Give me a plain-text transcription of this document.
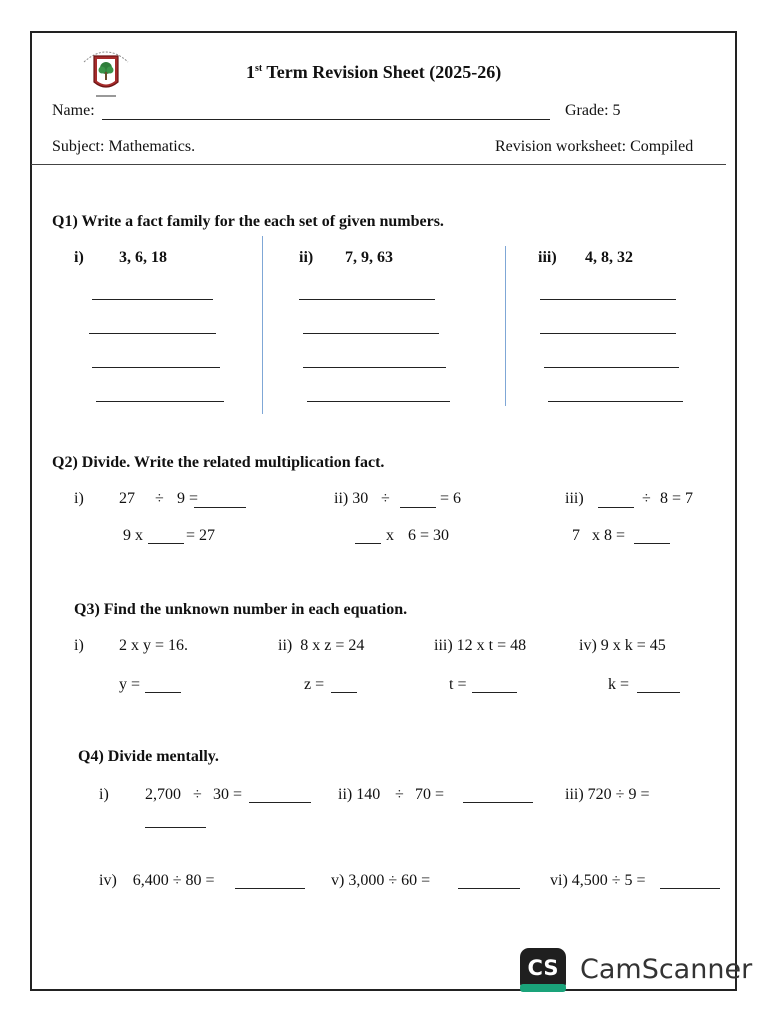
1st Term Revision Sheet (2025-26)
Name:	Grade: 5
Subject: Mathematics.	Revision worksheet: Compiled
Q1) Write a fact family for the each set of given numbers.
i) 3, 6, 18	ii) 7, 9, 63	iii) 4, 8, 32
Q2) Divide. Write the related multiplication fact.
i) 27 ÷ 9 =
9 x	= 27
ii) 30 ÷	= 6
x 6 = 30
iii)	÷ 8 = 7
7   x 8 =
Q3) Find the unknown number in each equation.
i) 2 x y = 16.	ii)  8 x z = 24	iii) 12 x t = 48	iv) 9 x k = 45
y =	z =	t =	k =
Q4) Divide mentally.
i) 2,700 ÷ 30 =	ii) 140 ÷ 70 =	iii) 720 ÷ 9 =
iv)    6,400 ÷ 80 =	v) 3,000 ÷ 60 =	vi) 4,500 ÷ 5 =
CS CamScanner
